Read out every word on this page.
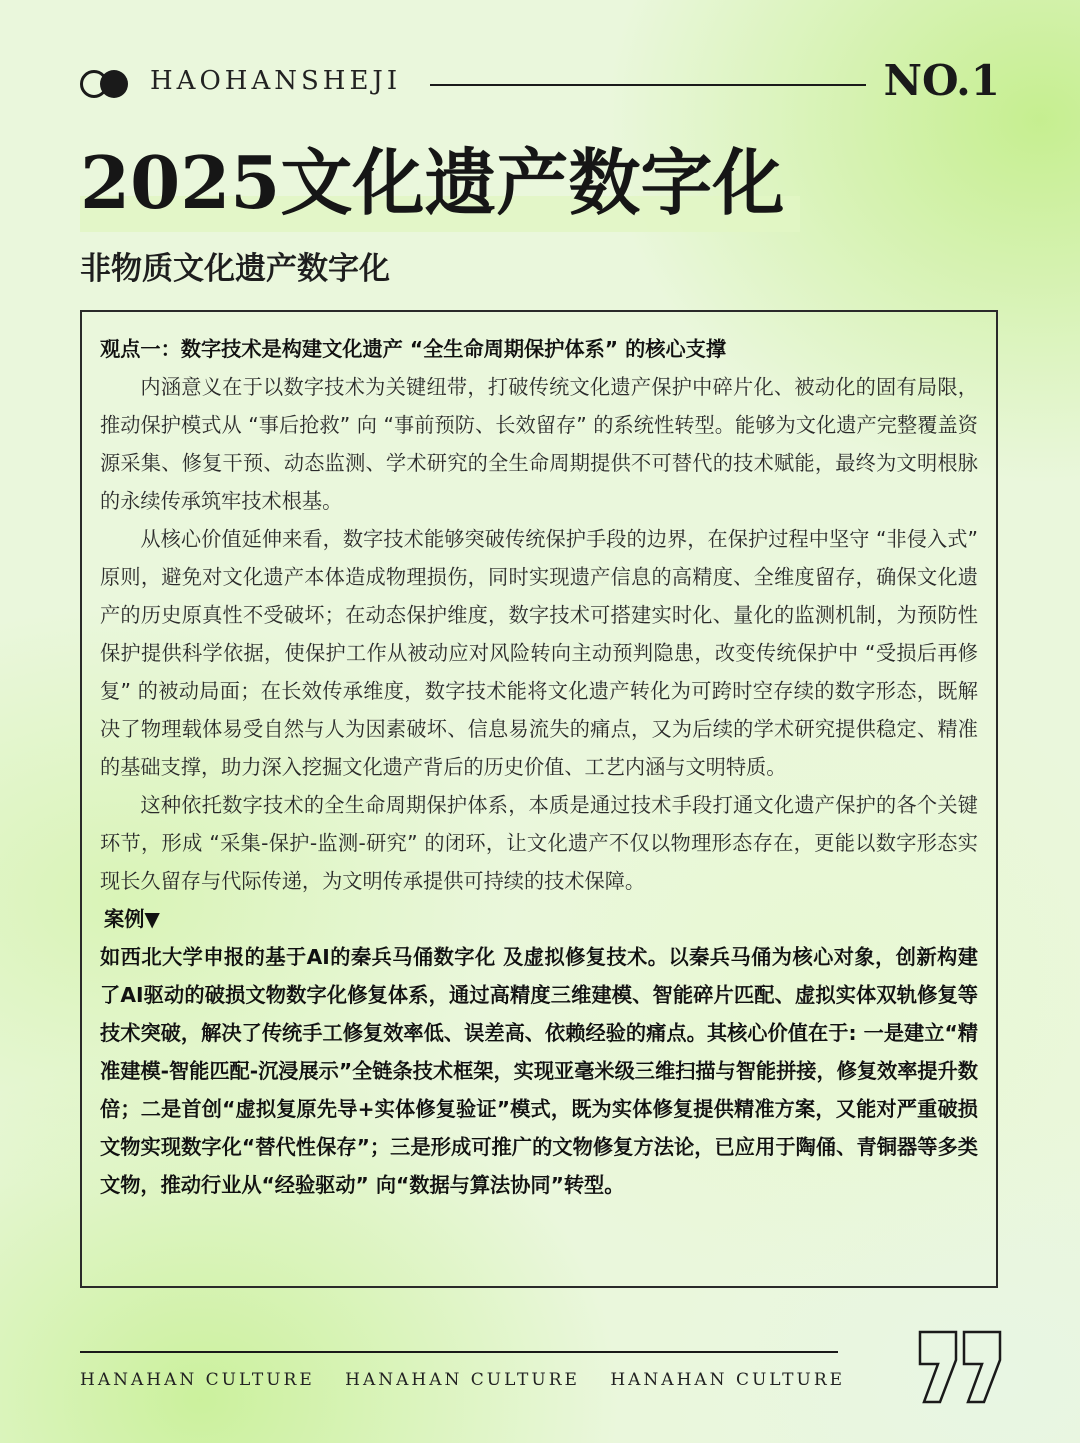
HAOHANSHEJI	NO.1
2025文化遗产数字化
非物质文化遗产数字化

观点一：数字技术是构建文化遗产 “全生命周期保护体系” 的核心支撑

内涵意义在于以数字技术为关键纽带，打破传统文化遗产保护中碎片化、被动化的固有局限，推动保护模式从 “事后抢救” 向 “事前预防、长效留存” 的系统性转型。能够为文化遗产完整覆盖资源采集、修复干预、动态监测、学术研究的全生命周期提供不可替代的技术赋能，最终为文明根脉的永续传承筑牢技术根基。

从核心价值延伸来看，数字技术能够突破传统保护手段的边界，在保护过程中坚守 “非侵入式” 原则，避免对文化遗产本体造成物理损伤，同时实现遗产信息的高精度、全维度留存，确保文化遗产的历史原真性不受破坏；在动态保护维度，数字技术可搭建实时化、量化的监测机制，为预防性保护提供科学依据，使保护工作从被动应对风险转向主动预判隐患，改变传统保护中 “受损后再修复” 的被动局面；在长效传承维度，数字技术能将文化遗产转化为可跨时空存续的数字形态，既解决了物理载体易受自然与人为因素破坏、信息易流失的痛点，又为后续的学术研究提供稳定、精准的基础支撑，助力深入挖掘文化遗产背后的历史价值、工艺内涵与文明特质。

这种依托数字技术的全生命周期保护体系，本质是通过技术手段打通文化遗产保护的各个关键环节，形成 “采集-保护-监测-研究” 的闭环，让文化遗产不仅以物理形态存在，更能以数字形态实现长久留存与代际传递，为文明传承提供可持续的技术保障。

案例▼

如西北大学申报的基于AI的秦兵马俑数字化 及虚拟修复技术。以秦兵马俑为核心对象，创新构建了AI驱动的破损文物数字化修复体系，通过高精度三维建模、智能碎片匹配、虚拟实体双轨修复等技术突破，解决了传统手工修复效率低、误差高、依赖经验的痛点。其核心价值在于: 一是建立“精准建模-智能匹配-沉浸展示”全链条技术框架，实现亚毫米级三维扫描与智能拼接，修复效率提升数倍；二是首创“虚拟复原先导+实体修复验证”模式，既为实体修复提供精准方案，又能对严重破损文物实现数字化“替代性保存”；三是形成可推广的文物修复方法论，已应用于陶俑、青铜器等多类文物，推动行业从“经验驱动” 向“数据与算法协同”转型。

HANAHAN CULTURE HANAHAN CULTURE HANAHAN CULTURE
